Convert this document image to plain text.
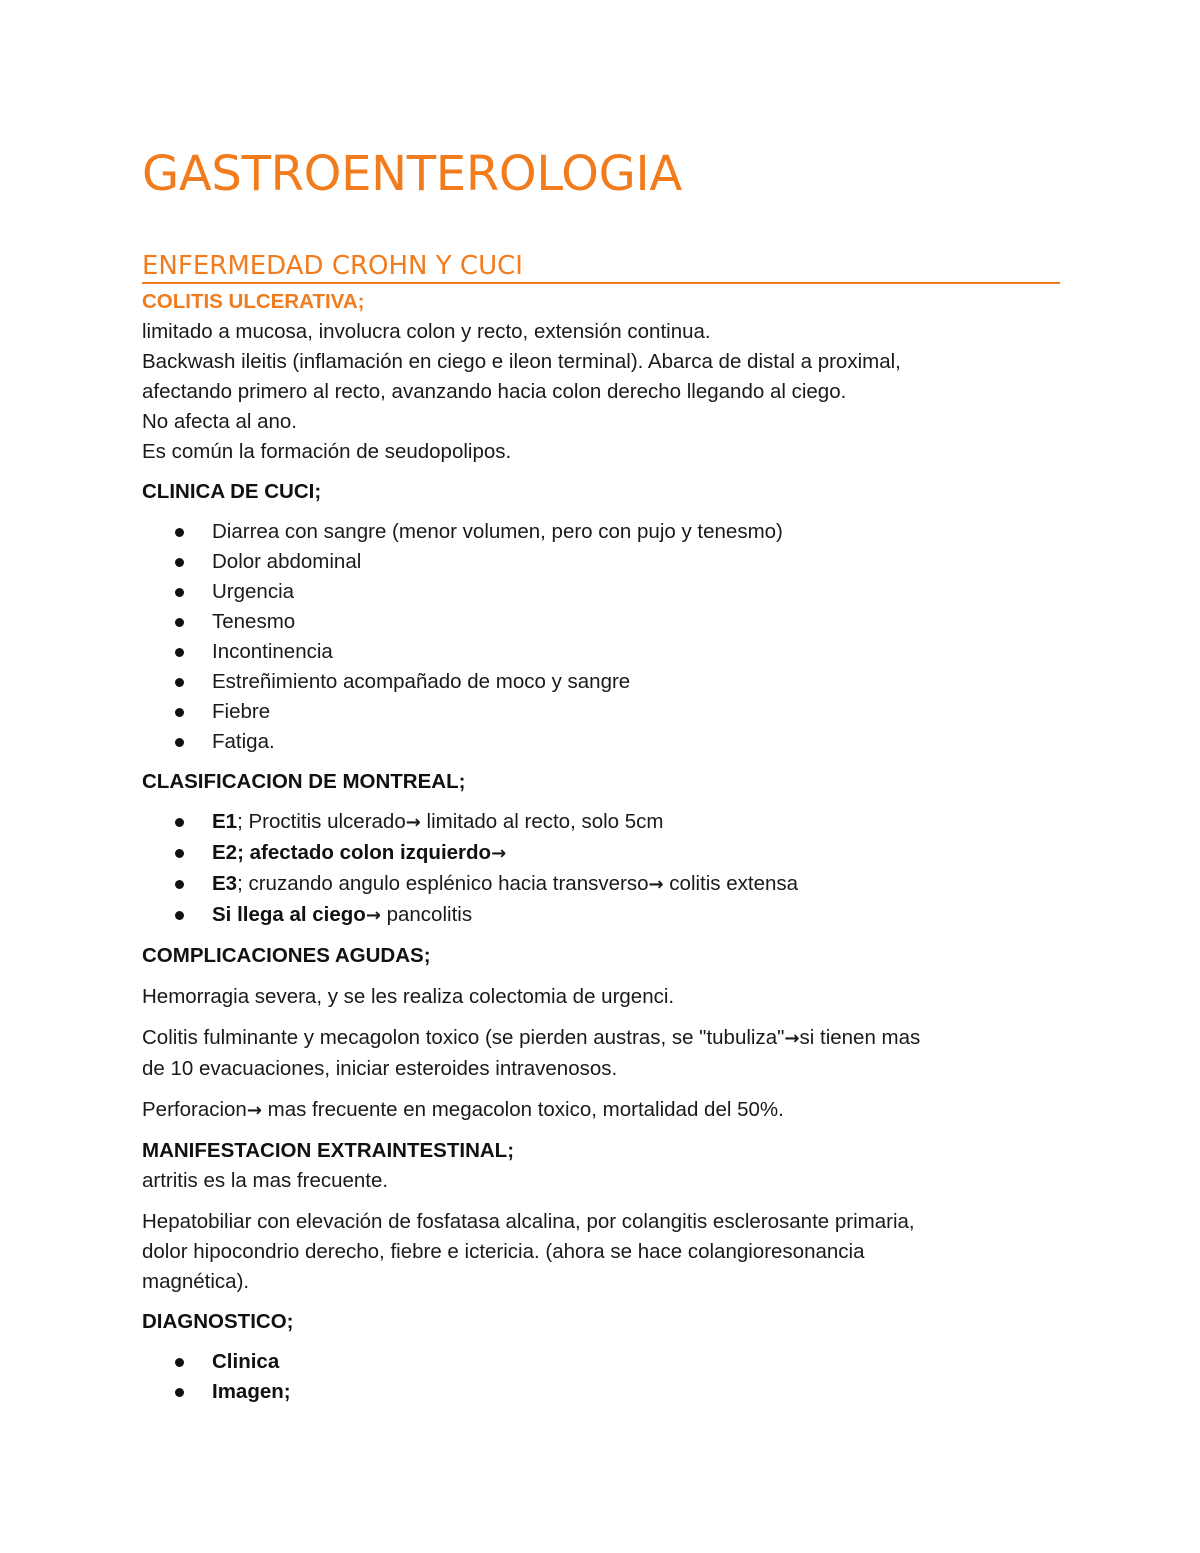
GASTROENTEROLOGIA
ENFERMEDAD CROHN Y CUCI
COLITIS ULCERATIVA;

limitado a mucosa, involucra colon y recto, extensión continua.

Backwash ileitis (inflamación en ciego e ileon terminal). Abarca de distal a proximal,

afectando primero al recto, avanzando hacia colon derecho llegando al ciego.

No afecta al ano.

Es común la formación de seudopolipos.

CLINICA DE CUCI;
Diarrea con sangre (menor volumen, pero con pujo y tenesmo)
Dolor abdominal
Urgencia
Tenesmo
Incontinencia
Estreñimiento acompañado de moco y sangre
Fiebre
Fatiga.
CLASIFICACION DE MONTREAL;
E1; Proctitis ulcerado→ limitado al recto, solo 5cm
E2; afectado colon izquierdo→
E3; cruzando angulo esplénico hacia transverso→ colitis extensa
Si llega al ciego→ pancolitis
COMPLICACIONES AGUDAS;

Hemorragia severa, y se les realiza colectomia de urgenci.

Colitis fulminante y mecagolon toxico (se pierden austras, se "tubuliza"→si tienen mas

de 10 evacuaciones, iniciar esteroides intravenosos.

Perforacion→ mas frecuente en megacolon toxico, mortalidad del 50%.

MANIFESTACION EXTRAINTESTINAL;

artritis es la mas frecuente.

Hepatobiliar con elevación de fosfatasa alcalina, por colangitis esclerosante primaria,

dolor hipocondrio derecho, fiebre e ictericia. (ahora se hace colangioresonancia

magnética).

DIAGNOSTICO;
Clinica
Imagen;
